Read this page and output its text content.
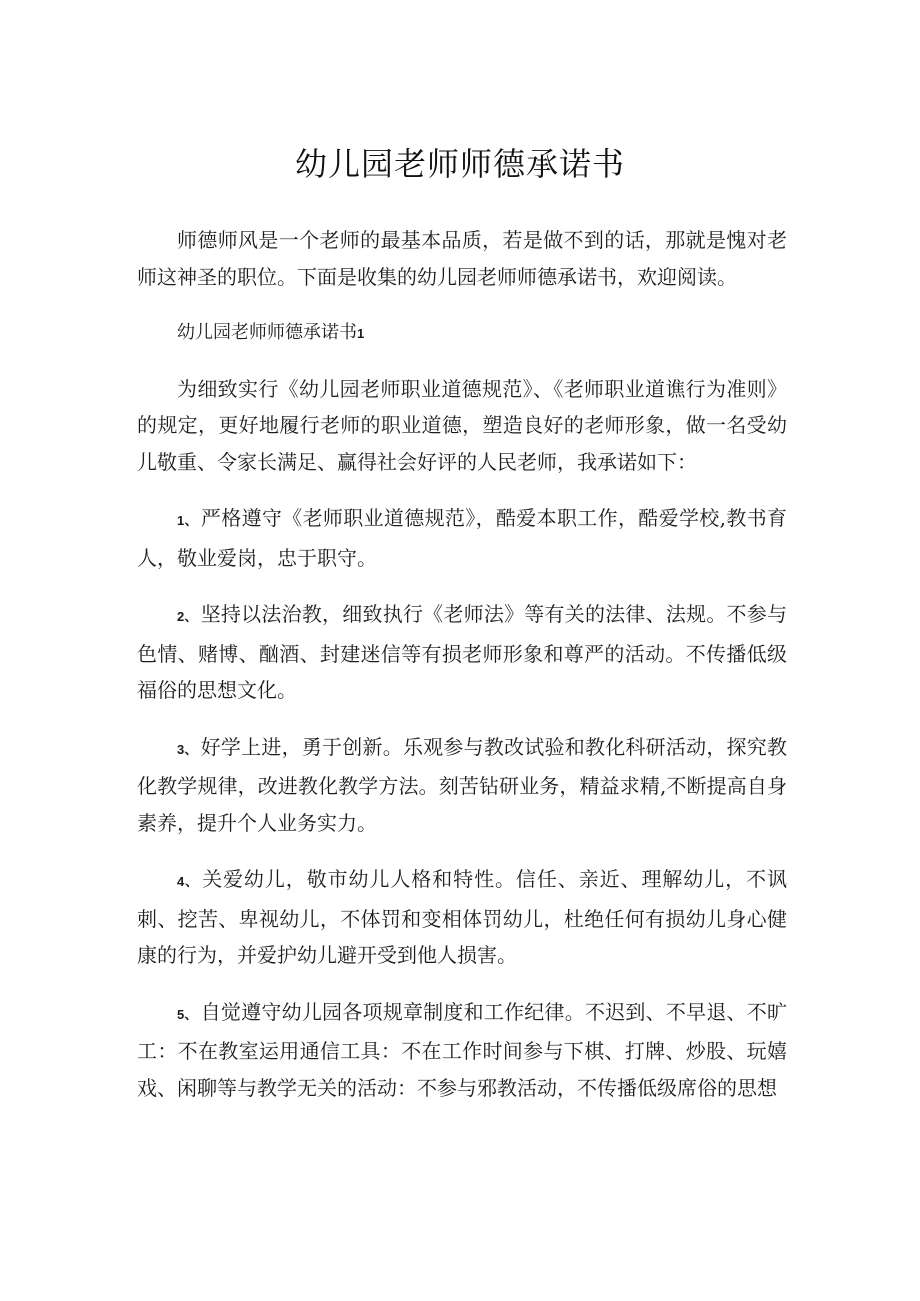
幼儿园老师师德承诺书

师德师风是一个老师的最基本品质，若是做不到的话，那就是愧对老师这神圣的职位。下面是收集的幼儿园老师师德承诺书，欢迎阅读。

幼儿园老师师德承诺书1

为细致实行《幼儿园老师职业道德规范》、《老师职业道谯行为准则》的规定，更好地履行老师的职业道德，塑造良好的老师形象，做一名受幼儿敬重、令家长满足、赢得社会好评的人民老师，我承诺如下：

1、 严格遵守《老师职业道德规范》，酷爱本职工作，酷爱学校,教书育人，敬业爱岗，忠于职守。

2、 坚持以法治教，细致执行《老师法》等有关的法律、法规。不参与色情、赌博、酗酒、封建迷信等有损老师形象和尊严的活动。不传播低级福俗的思想文化。

3、 好学上进，勇于创新。乐观参与教改试验和教化科研活动，探究教化教学规律，改进教化教学方法。刻苦钻研业务，精益求精,不断提高自身素养，提升个人业务实力。

4、 关爱幼儿，敬市幼儿人格和特性。信任、亲近、理解幼儿，不讽刺、挖苦、卑视幼儿，不体罚和变相体罚幼儿，杜绝任何有损幼儿身心健康的行为，并爱护幼儿避开受到他人损害。

5、 自觉遵守幼儿园各项规章制度和工作纪律。不迟到、不早退、不旷工：不在教室运用通信工具：不在工作时间参与下棋、打牌、炒股、玩嬉戏、闲聊等与教学无关的活动：不参与邪教活动，不传播低级席俗的思想
